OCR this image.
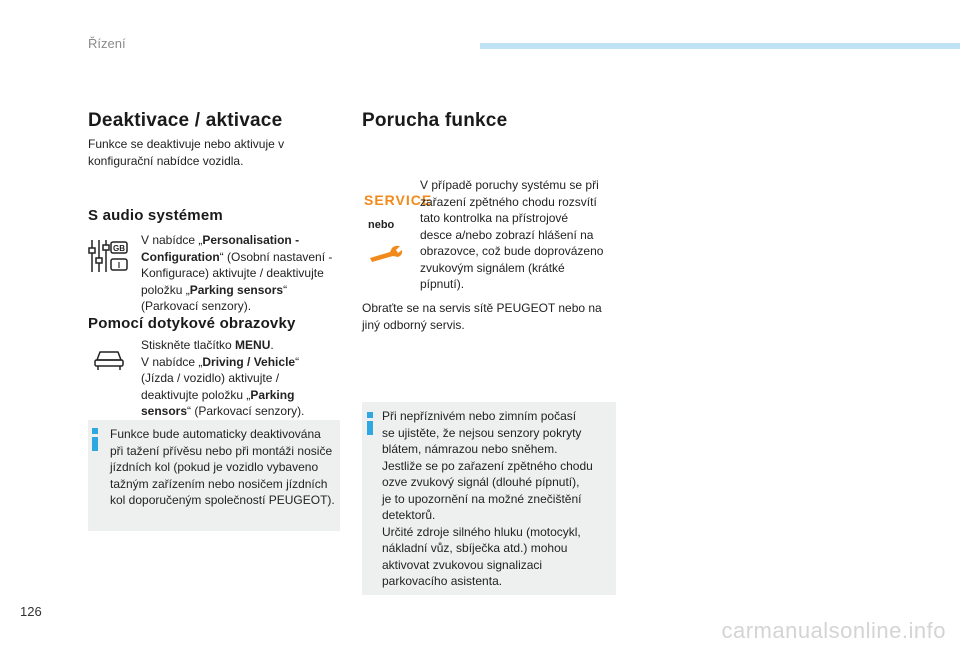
Řízení
Deaktivace / aktivace
Funkce se deaktivuje nebo aktivuje v
konfigurační nabídce vozidla.
S audio systémem
GB
I
V nabídce „Personalisation -
Configuration“ (Osobní nastavení -
Konfigurace) aktivujte / deaktivujte
položku „Parking sensors“
(Parkovací senzory).
Pomocí dotykové obrazovky
Stiskněte tlačítko MENU.
V nabídce „Driving / Vehicle“
(Jízda / vozidlo) aktivujte /
deaktivujte položku „Parking
sensors“ (Parkovací senzory).
Funkce bude automaticky deaktivována
při tažení přívěsu nebo při montáži nosiče
jízdních kol (pokud je vozidlo vybaveno
tažným zařízením nebo nosičem jízdních
kol doporučeným společností PEUGEOT).
Porucha funkce
SERVICE
nebo
V případě poruchy systému se při
zařazení zpětného chodu rozsvítí
tato kontrolka na přístrojové
desce a/nebo zobrazí hlášení na
obrazovce, což bude doprovázeno
zvukovým signálem (krátké
pípnutí).
Obraťte se na servis sítě PEUGEOT nebo na
jiný odborný servis.
Při nepříznivém nebo zimním počasí
se ujistěte, že nejsou senzory pokryty
blátem, námrazou nebo sněhem.
Jestliže se po zařazení zpětného chodu
ozve zvukový signál (dlouhé pípnutí),
je to upozornění na možné znečištění
detektorů.
Určité zdroje silného hluku (motocykl,
nákladní vůz, sbíječka atd.) mohou
aktivovat zvukovou signalizaci
parkovacího asistenta.
126
carmanualsonline.info
